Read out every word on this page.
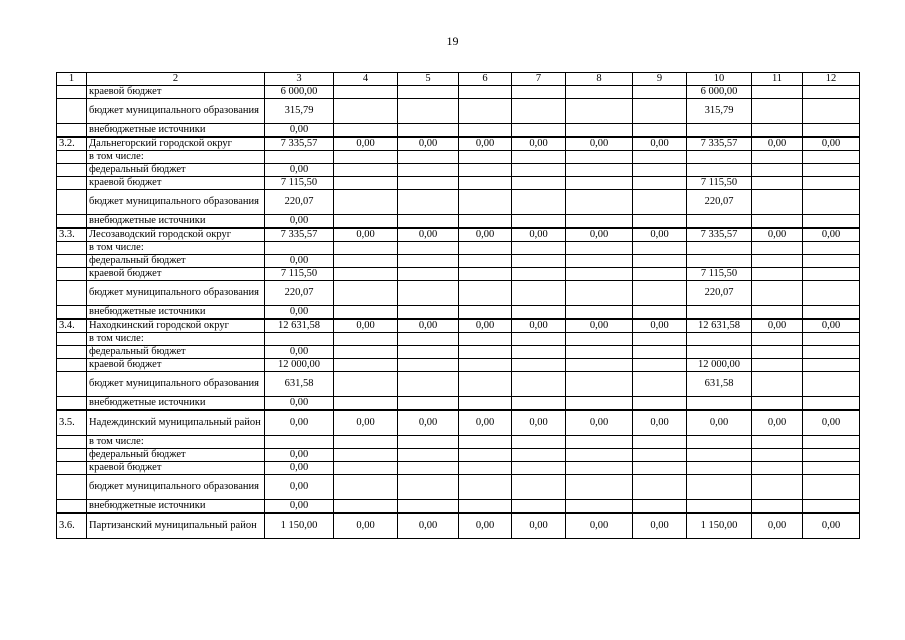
19
1	2	3	4	5	6	7	8	9	10	11	12
	краевой бюджет	6 000,00							6 000,00		
	бюджет муниципального образования	315,79							315,79		
	внебюджетные источники	0,00									
3.2.	Дальнегорский городской округ	7 335,57	0,00	0,00	0,00	0,00	0,00	0,00	7 335,57	0,00	0,00
	в том числе:										
	федеральный бюджет	0,00									
	краевой бюджет	7 115,50							7 115,50		
	бюджет муниципального образования	220,07							220,07		
	внебюджетные источники	0,00									
3.3.	Лесозаводский городской округ	7 335,57	0,00	0,00	0,00	0,00	0,00	0,00	7 335,57	0,00	0,00
	в том числе:										
	федеральный бюджет	0,00									
	краевой бюджет	7 115,50							7 115,50		
	бюджет муниципального образования	220,07							220,07		
	внебюджетные источники	0,00									
3.4.	Находкинский городской округ	12 631,58	0,00	0,00	0,00	0,00	0,00	0,00	12 631,58	0,00	0,00
	в том числе:										
	федеральный бюджет	0,00									
	краевой бюджет	12 000,00							12 000,00		
	бюджет муниципального образования	631,58							631,58		
	внебюджетные источники	0,00									
3.5.	Надеждинский муниципальный район	0,00	0,00	0,00	0,00	0,00	0,00	0,00	0,00	0,00	0,00
	в том числе:										
	федеральный бюджет	0,00									
	краевой бюджет	0,00									
	бюджет муниципального образования	0,00									
	внебюджетные источники	0,00									
3.6.	Партизанский муниципальный район	1 150,00	0,00	0,00	0,00	0,00	0,00	0,00	1 150,00	0,00	0,00
